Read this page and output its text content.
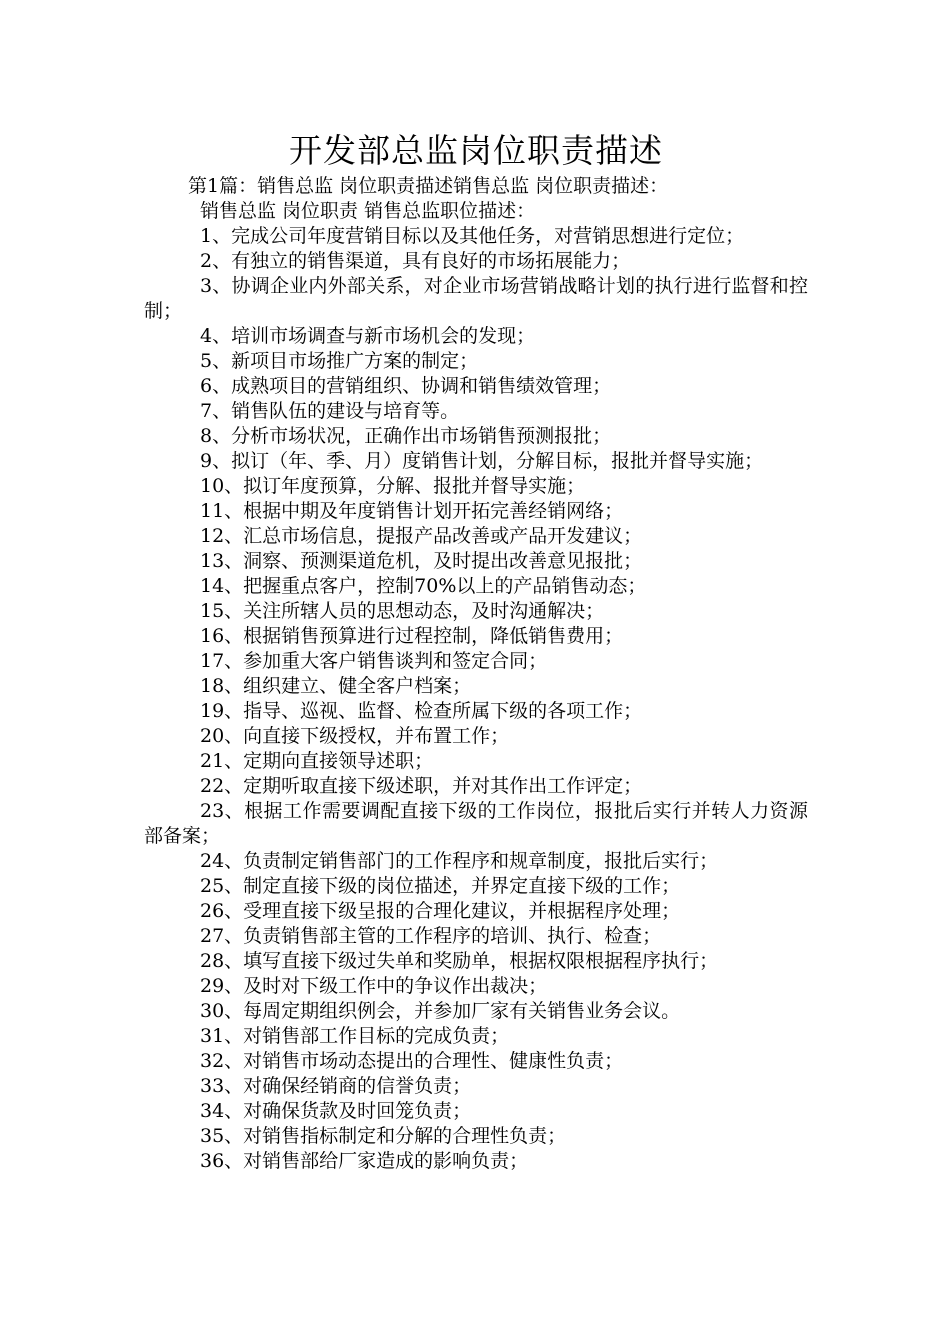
开发部总监岗位职责描述

第1篇：销售总监 岗位职责描述销售总监 岗位职责描述：

销售总监 岗位职责 销售总监职位描述：

1、完成公司年度营销目标以及其他任务，对营销思想进行定位；

2、有独立的销售渠道，具有良好的市场拓展能力；

3、协调企业内外部关系，对企业市场营销战略计划的执行进行监督和控制；

4、培训市场调查与新市场机会的发现；

5、新项目市场推广方案的制定；

6、成熟项目的营销组织、协调和销售绩效管理；

7、销售队伍的建设与培育等。

8、分析市场状况，正确作出市场销售预测报批；

9、拟订（年、季、月）度销售计划，分解目标，报批并督导实施；

10、拟订年度预算，分解、报批并督导实施；

11、根据中期及年度销售计划开拓完善经销网络；

12、汇总市场信息，提报产品改善或产品开发建议；

13、洞察、预测渠道危机，及时提出改善意见报批；

14、把握重点客户，控制70%以上的产品销售动态；

15、关注所辖人员的思想动态，及时沟通解决；

16、根据销售预算进行过程控制，降低销售费用；

17、参加重大客户销售谈判和签定合同；

18、组织建立、健全客户档案；

19、指导、巡视、监督、检查所属下级的各项工作；

20、向直接下级授权，并布置工作；

21、定期向直接领导述职；

22、定期听取直接下级述职，并对其作出工作评定；

23、根据工作需要调配直接下级的工作岗位，报批后实行并转人力资源部备案；

24、负责制定销售部门的工作程序和规章制度，报批后实行；

25、制定直接下级的岗位描述，并界定直接下级的工作；

26、受理直接下级呈报的合理化建议，并根据程序处理；

27、负责销售部主管的工作程序的培训、执行、检查；

28、填写直接下级过失单和奖励单，根据权限根据程序执行；

29、及时对下级工作中的争议作出裁决；

30、每周定期组织例会，并参加厂家有关销售业务会议。

31、对销售部工作目标的完成负责；

32、对销售市场动态提出的合理性、健康性负责；

33、对确保经销商的信誉负责；

34、对确保货款及时回笼负责；

35、对销售指标制定和分解的合理性负责；

36、对销售部给厂家造成的影响负责；
